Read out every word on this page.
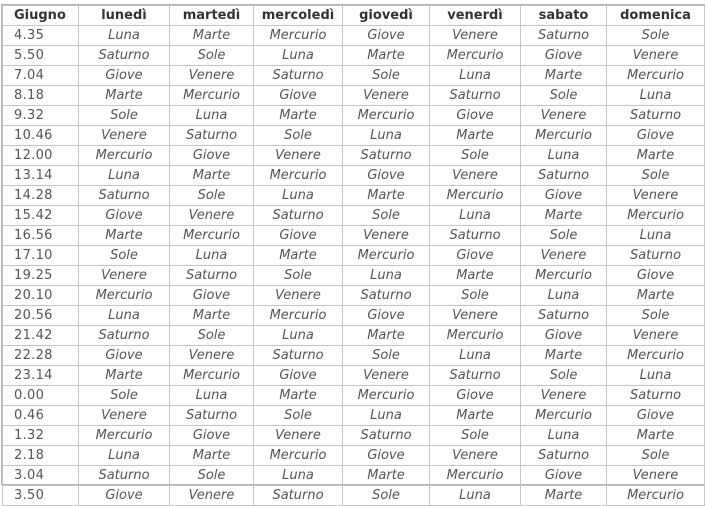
Giugno	lunedì	martedì	mercoledì	giovedì	venerdì	sabato	domenica
4.35	Luna	Marte	Mercurio	Giove	Venere	Saturno	Sole
5.50	Saturno	Sole	Luna	Marte	Mercurio	Giove	Venere
7.04	Giove	Venere	Saturno	Sole	Luna	Marte	Mercurio
8.18	Marte	Mercurio	Giove	Venere	Saturno	Sole	Luna
9.32	Sole	Luna	Marte	Mercurio	Giove	Venere	Saturno
10.46	Venere	Saturno	Sole	Luna	Marte	Mercurio	Giove
12.00	Mercurio	Giove	Venere	Saturno	Sole	Luna	Marte
13.14	Luna	Marte	Mercurio	Giove	Venere	Saturno	Sole
14.28	Saturno	Sole	Luna	Marte	Mercurio	Giove	Venere
15.42	Giove	Venere	Saturno	Sole	Luna	Marte	Mercurio
16.56	Marte	Mercurio	Giove	Venere	Saturno	Sole	Luna
17.10	Sole	Luna	Marte	Mercurio	Giove	Venere	Saturno
19.25	Venere	Saturno	Sole	Luna	Marte	Mercurio	Giove
20.10	Mercurio	Giove	Venere	Saturno	Sole	Luna	Marte
20.56	Luna	Marte	Mercurio	Giove	Venere	Saturno	Sole
21.42	Saturno	Sole	Luna	Marte	Mercurio	Giove	Venere
22.28	Giove	Venere	Saturno	Sole	Luna	Marte	Mercurio
23.14	Marte	Mercurio	Giove	Venere	Saturno	Sole	Luna
0.00	Sole	Luna	Marte	Mercurio	Giove	Venere	Saturno
0.46	Venere	Saturno	Sole	Luna	Marte	Mercurio	Giove
1.32	Mercurio	Giove	Venere	Saturno	Sole	Luna	Marte
2.18	Luna	Marte	Mercurio	Giove	Venere	Saturno	Sole
3.04	Saturno	Sole	Luna	Marte	Mercurio	Giove	Venere
3.50	Giove	Venere	Saturno	Sole	Luna	Marte	Mercurio
